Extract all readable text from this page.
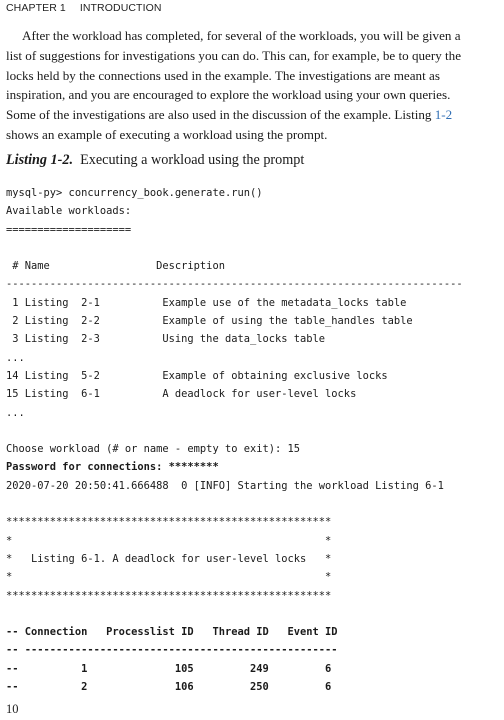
CHAPTER 1 INTRODUCTION

After the workload has completed, for several of the workloads, you will be given a
list of suggestions for investigations you can do. This can, for example, be to query the
locks held by the connections used in the example. The investigations are meant as
inspiration, and you are encouraged to explore the workload using your own queries.
Some of the investigations are also used in the discussion of the example. Listing 1-2
shows an example of executing a workload using the prompt.

Listing 1-2. Executing a workload using the prompt
mysql-py> concurrency_book.generate.run()
Available workloads:
====================
# Name                 Description
-------------------------------------------------------------------------
1 Listing  2-1          Example use of the metadata_locks table
2 Listing  2-2          Example of using the table_handles table
3 Listing  2-3          Using the data_locks table
...
14 Listing  5-2          Example of obtaining exclusive locks
15 Listing  6-1          A deadlock for user-level locks
...
Choose workload (# or name - empty to exit): 15
Password for connections: ********
2020-07-20 20:50:41.666488  0 [INFO] Starting the workload Listing 6-1
****************************************************
*                                                  *
*   Listing 6-1. A deadlock for user-level locks   *
*                                                  *
****************************************************
-- Connection   Processlist ID   Thread ID   Event ID
-- --------------------------------------------------
--          1              105         249         6
--          2              106         250         6
10
